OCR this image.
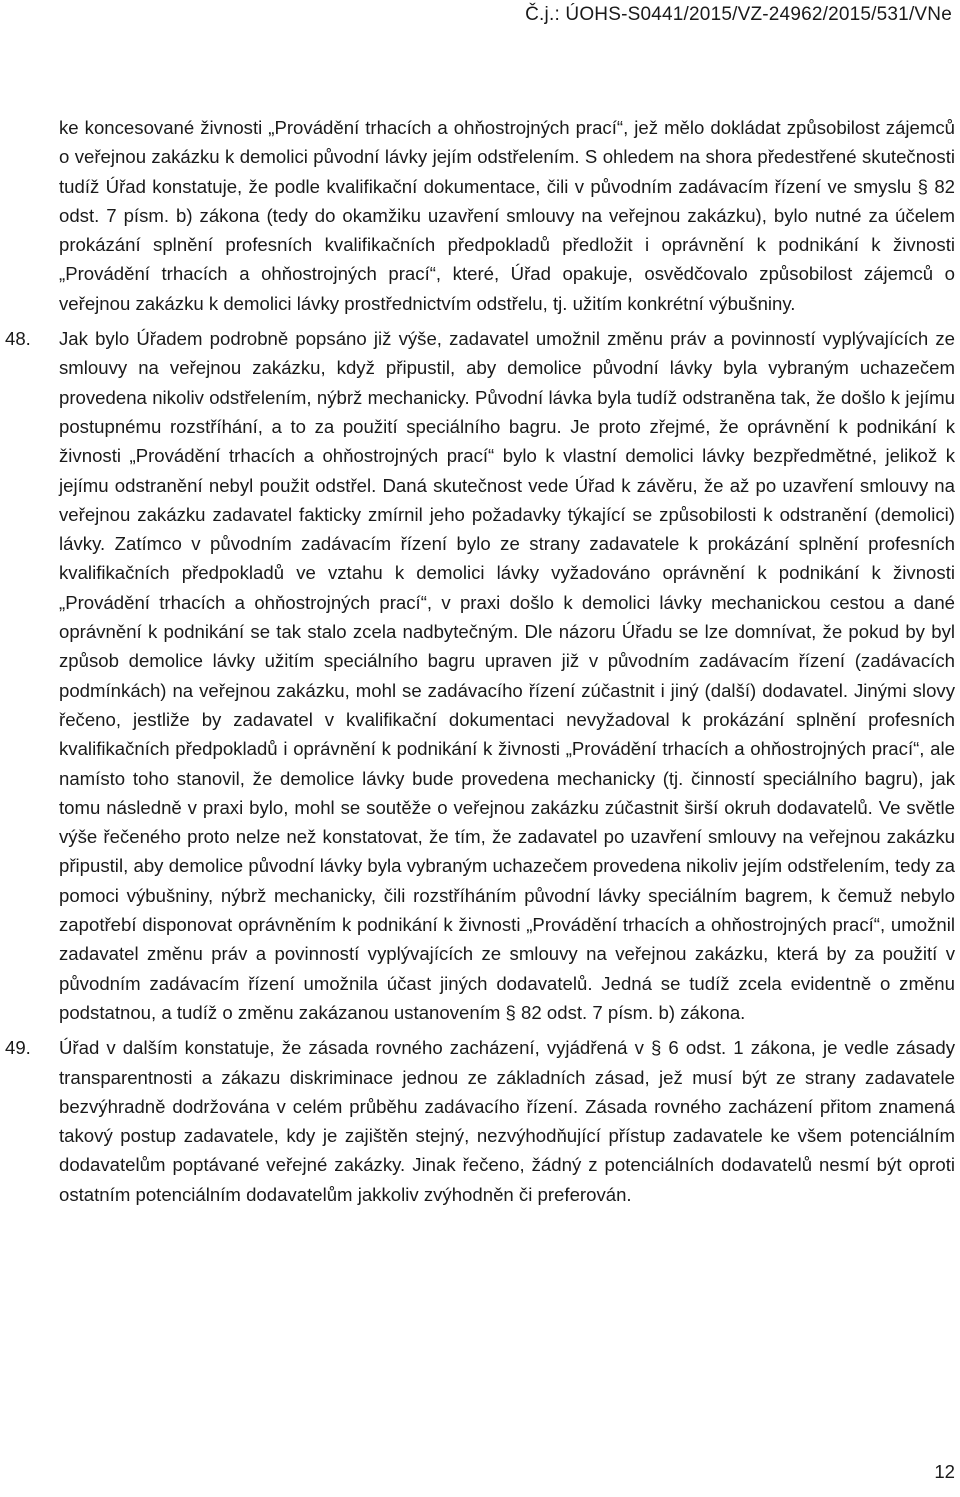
Č.j.: ÚOHS-S0441/2015/VZ-24962/2015/531/VNe
ke koncesované živnosti „Provádění trhacích a ohňostrojných prací“, jež mělo dokládat způsobilost zájemců o veřejnou zakázku k demolici původní lávky jejím odstřelením. S ohledem na shora předestřené skutečnosti tudíž Úřad konstatuje, že podle kvalifikační dokumentace, čili v původním zadávacím řízení ve smyslu § 82 odst. 7 písm. b) zákona (tedy do okamžiku uzavření smlouvy na veřejnou zakázku), bylo nutné za účelem prokázání splnění profesních kvalifikačních předpokladů předložit i oprávnění k podnikání k živnosti „Provádění trhacích a ohňostrojných prací“, které, Úřad opakuje, osvědčovalo způsobilost zájemců o veřejnou zakázku k demolici lávky prostřednictvím odstřelu, tj. užitím konkrétní výbušniny.
48. Jak bylo Úřadem podrobně popsáno již výše, zadavatel umožnil změnu práv a povinností vyplývajících ze smlouvy na veřejnou zakázku, když připustil, aby demolice původní lávky byla vybraným uchazečem provedena nikoliv odstřelením, nýbrž mechanicky. Původní lávka byla tudíž odstraněna tak, že došlo k jejímu postupnému rozstříhání, a to za použití speciálního bagru. Je proto zřejmé, že oprávnění k podnikání k živnosti „Provádění trhacích a ohňostrojných prací“ bylo k vlastní demolici lávky bezpředmětné, jelikož k jejímu odstranění nebyl použit odstřel. Daná skutečnost vede Úřad k závěru, že až po uzavření smlouvy na veřejnou zakázku zadavatel fakticky zmírnil jeho požadavky týkající se způsobilosti k odstranění (demolici) lávky. Zatímco v původním zadávacím řízení bylo ze strany zadavatele k prokázání splnění profesních kvalifikačních předpokladů ve vztahu k demolici lávky vyžadováno oprávnění k podnikání k živnosti „Provádění trhacích a ohňostrojných prací“, v praxi došlo k demolici lávky mechanickou cestou a dané oprávnění k podnikání se tak stalo zcela nadbytečným. Dle názoru Úřadu se lze domnívat, že pokud by byl způsob demolice lávky užitím speciálního bagru upraven již v původním zadávacím řízení (zadávacích podmínkách) na veřejnou zakázku, mohl se zadávacího řízení zúčastnit i jiný (další) dodavatel. Jinými slovy řečeno, jestliže by zadavatel v kvalifikační dokumentaci nevyžadoval k prokázání splnění profesních kvalifikačních předpokladů i oprávnění k podnikání k živnosti „Provádění trhacích a ohňostrojných prací“, ale namísto toho stanovil, že demolice lávky bude provedena mechanicky (tj. činností speciálního bagru), jak tomu následně v praxi bylo, mohl se soutěže o veřejnou zakázku zúčastnit širší okruh dodavatelů. Ve světle výše řečeného proto nelze než konstatovat, že tím, že zadavatel po uzavření smlouvy na veřejnou zakázku připustil, aby demolice původní lávky byla vybraným uchazečem provedena nikoliv jejím odstřelením, tedy za pomoci výbušniny, nýbrž mechanicky, čili rozstříháním původní lávky speciálním bagrem, k čemuž nebylo zapotřebí disponovat oprávněním k podnikání k živnosti „Provádění trhacích a ohňostrojných prací“, umožnil zadavatel změnu práv a povinností vyplývajících ze smlouvy na veřejnou zakázku, která by za použití v původním zadávacím řízení umožnila účast jiných dodavatelů. Jedná se tudíž zcela evidentně o změnu podstatnou, a tudíž o změnu zakázanou ustanovením § 82 odst. 7 písm. b) zákona.
49. Úřad v dalším konstatuje, že zásada rovného zacházení, vyjádřená v § 6 odst. 1 zákona, je vedle zásady transparentnosti a zákazu diskriminace jednou ze základních zásad, jež musí být ze strany zadavatele bezvýhradně dodržována v celém průběhu zadávacího řízení. Zásada rovného zacházení přitom znamená takový postup zadavatele, kdy je zajištěn stejný, nezvýhodňující přístup zadavatele ke všem potenciálním dodavatelům poptávané veřejné zakázky. Jinak řečeno, žádný z potenciálních dodavatelů nesmí být oproti ostatním potenciálním dodavatelům jakkoliv zvýhodněn či preferován.
12
